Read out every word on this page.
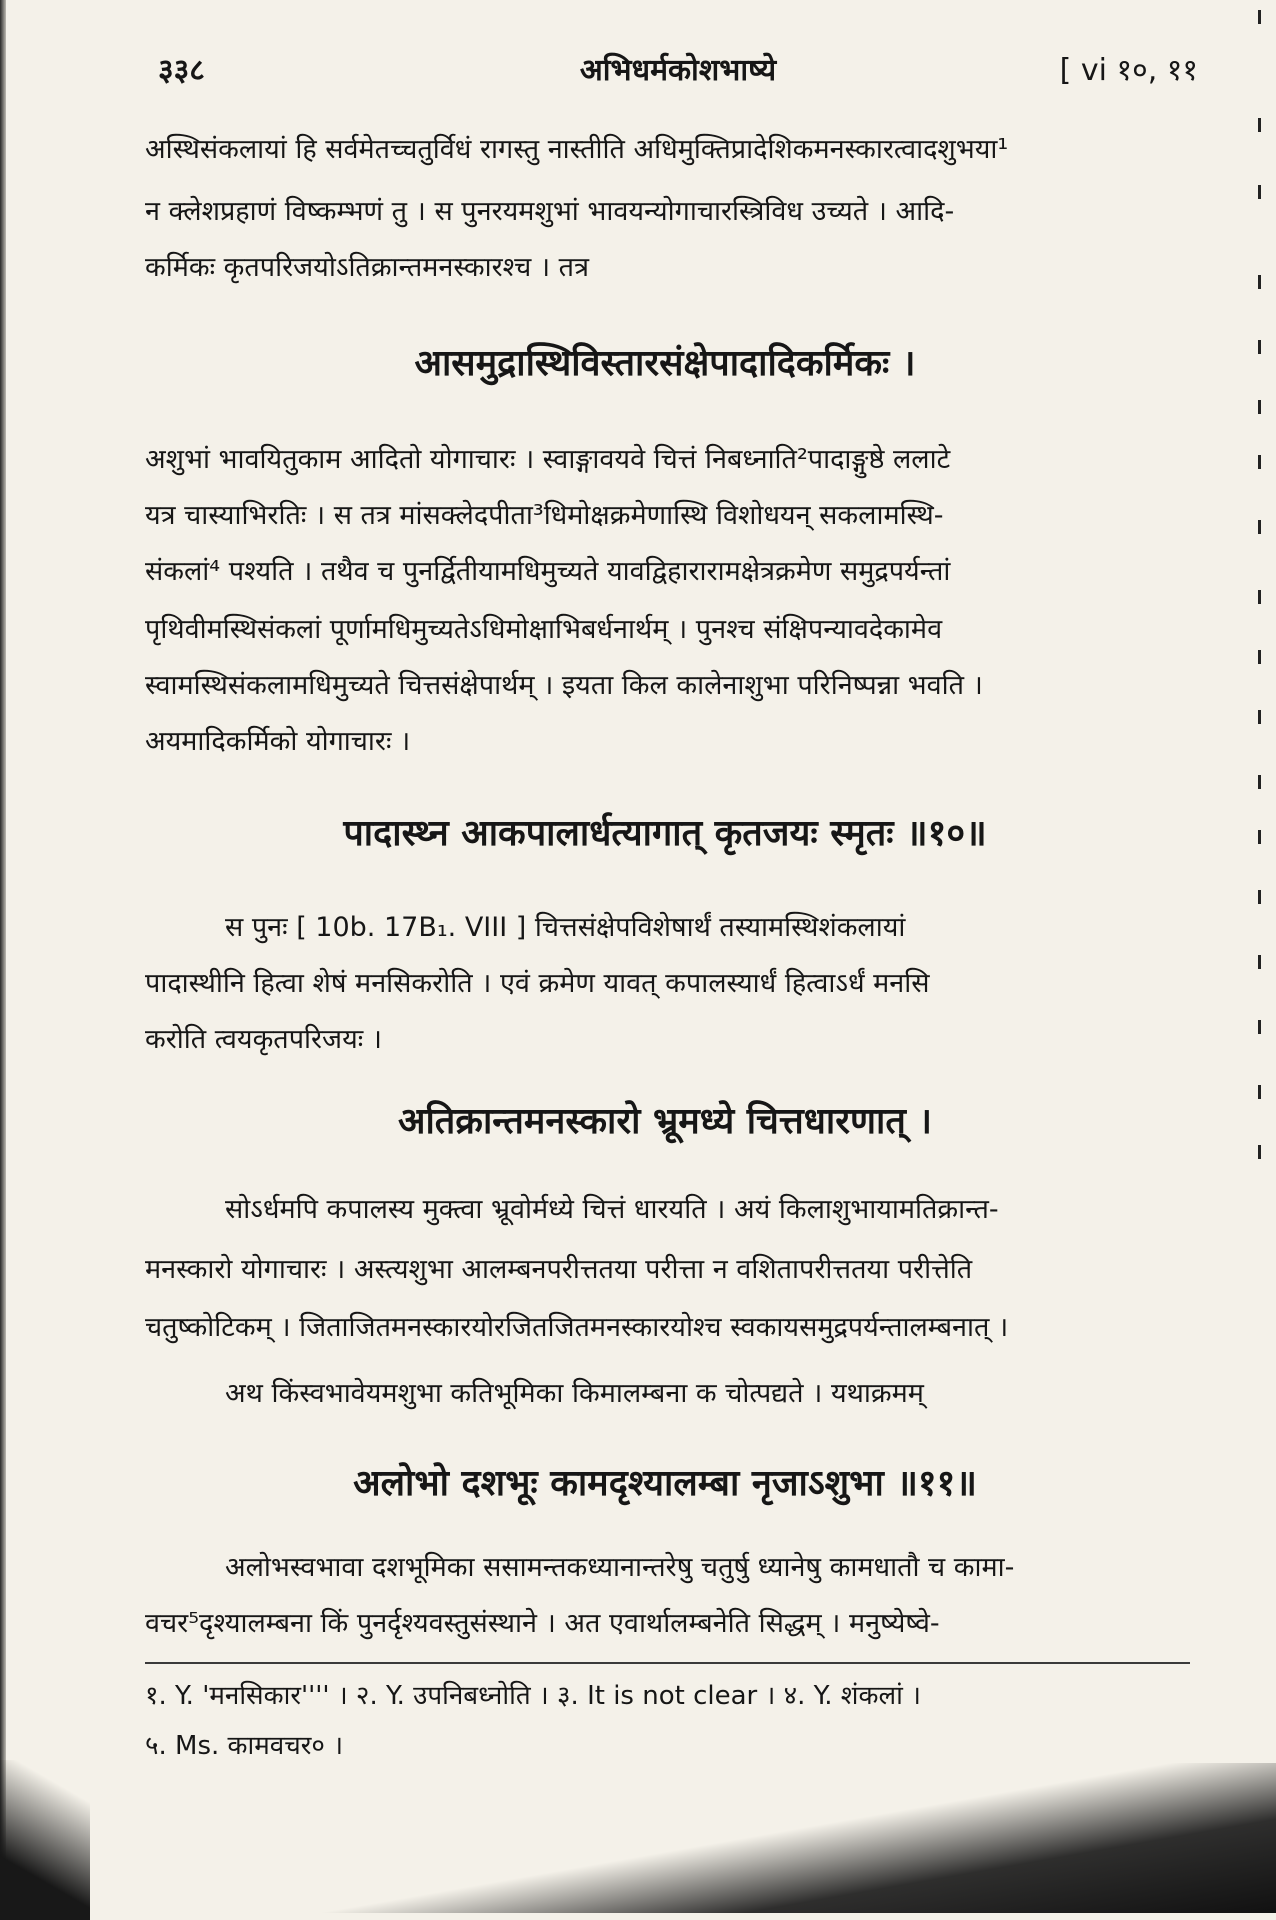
३३८	अभिधर्मकोशभाष्ये	[ vi १०, ११
अस्थिसंकलायां हि सर्वमेतच्चतुर्विधं रागस्तु नास्तीति अधिमुक्तिप्रादेशिकमनस्कारत्वादशुभया¹
न क्लेशप्रहाणं विष्कम्भणं तु । स पुनरयमशुभां भावयन्योगाचारस्त्रिविध उच्यते । आदि-
कर्मिकः कृतपरिजयोऽतिक्रान्तमनस्कारश्च । तत्र
आसमुद्रास्थिविस्तारसंक्षेपादादिकर्मिकः ।
अशुभां भावयितुकाम आदितो योगाचारः । स्वाङ्गावयवे चित्तं निबध्नाति²पादाङ्गुष्ठे ललाटे
यत्र चास्याभिरतिः । स तत्र मांसक्लेदपीता³धिमोक्षक्रमेणास्थि विशोधयन् सकलामस्थि-
संकलां⁴ पश्यति । तथैव च पुनर्द्वितीयामधिमुच्यते यावद्विहारारामक्षेत्रक्रमेण समुद्रपर्यन्तां
पृथिवीमस्थिसंकलां पूर्णामधिमुच्यतेऽधिमोक्षाभिबर्धनार्थम् । पुनश्च संक्षिपन्यावदेकामेव
स्वामस्थिसंकलामधिमुच्यते चित्तसंक्षेपार्थम् । इयता किल कालेनाशुभा परिनिष्पन्ना भवति ।
अयमादिकर्मिको योगाचारः ।
पादास्थ्न आकपालार्धत्यागात् कृतजयः स्मृतः ॥१०॥
स पुनः [ 10b. 17B₁. VIII ] चित्तसंक्षेपविशेषार्थं तस्यामस्थिशंकलायां
पादास्थीनि हित्वा शेषं मनसिकरोति । एवं क्रमेण यावत् कपालस्यार्धं हित्वाऽर्धं मनसि
करोति त्वयकृतपरिजयः ।
अतिक्रान्तमनस्कारो भ्रूमध्ये चित्तधारणात् ।
सोऽर्धमपि कपालस्य मुक्त्वा भ्रूवोर्मध्ये चित्तं धारयति । अयं किलाशुभायामतिक्रान्त-
मनस्कारो योगाचारः । अस्त्यशुभा आलम्बनपरीत्ततया परीत्ता न वशितापरीत्ततया परीत्तेति
चतुष्कोटिकम् । जिताजितमनस्कारयोरजितजितमनस्कारयोश्च स्वकायसमुद्रपर्यन्तालम्बनात् ।
अथ किंस्वभावेयमशुभा कतिभूमिका किमालम्बना क चोत्पद्यते । यथाक्रमम्
अलोभो दशभूः कामदृश्यालम्बा नृजाऽशुभा ॥११॥
अलोभस्वभावा दशभूमिका ससामन्तकध्यानान्तरेषु चतुर्षु ध्यानेषु कामधातौ च कामा-
वचर⁵दृश्यालम्बना किं पुनर्दृश्यवस्तुसंस्थाने । अत एवार्थालम्बनेति सिद्धम् । मनुष्येष्वे-
१. Y. 'मनसिकार'''' । २. Y. उपनिबध्नोति । ३. It is not clear । ४. Y. शंकलां ।
५. Ms. कामवचर० ।
